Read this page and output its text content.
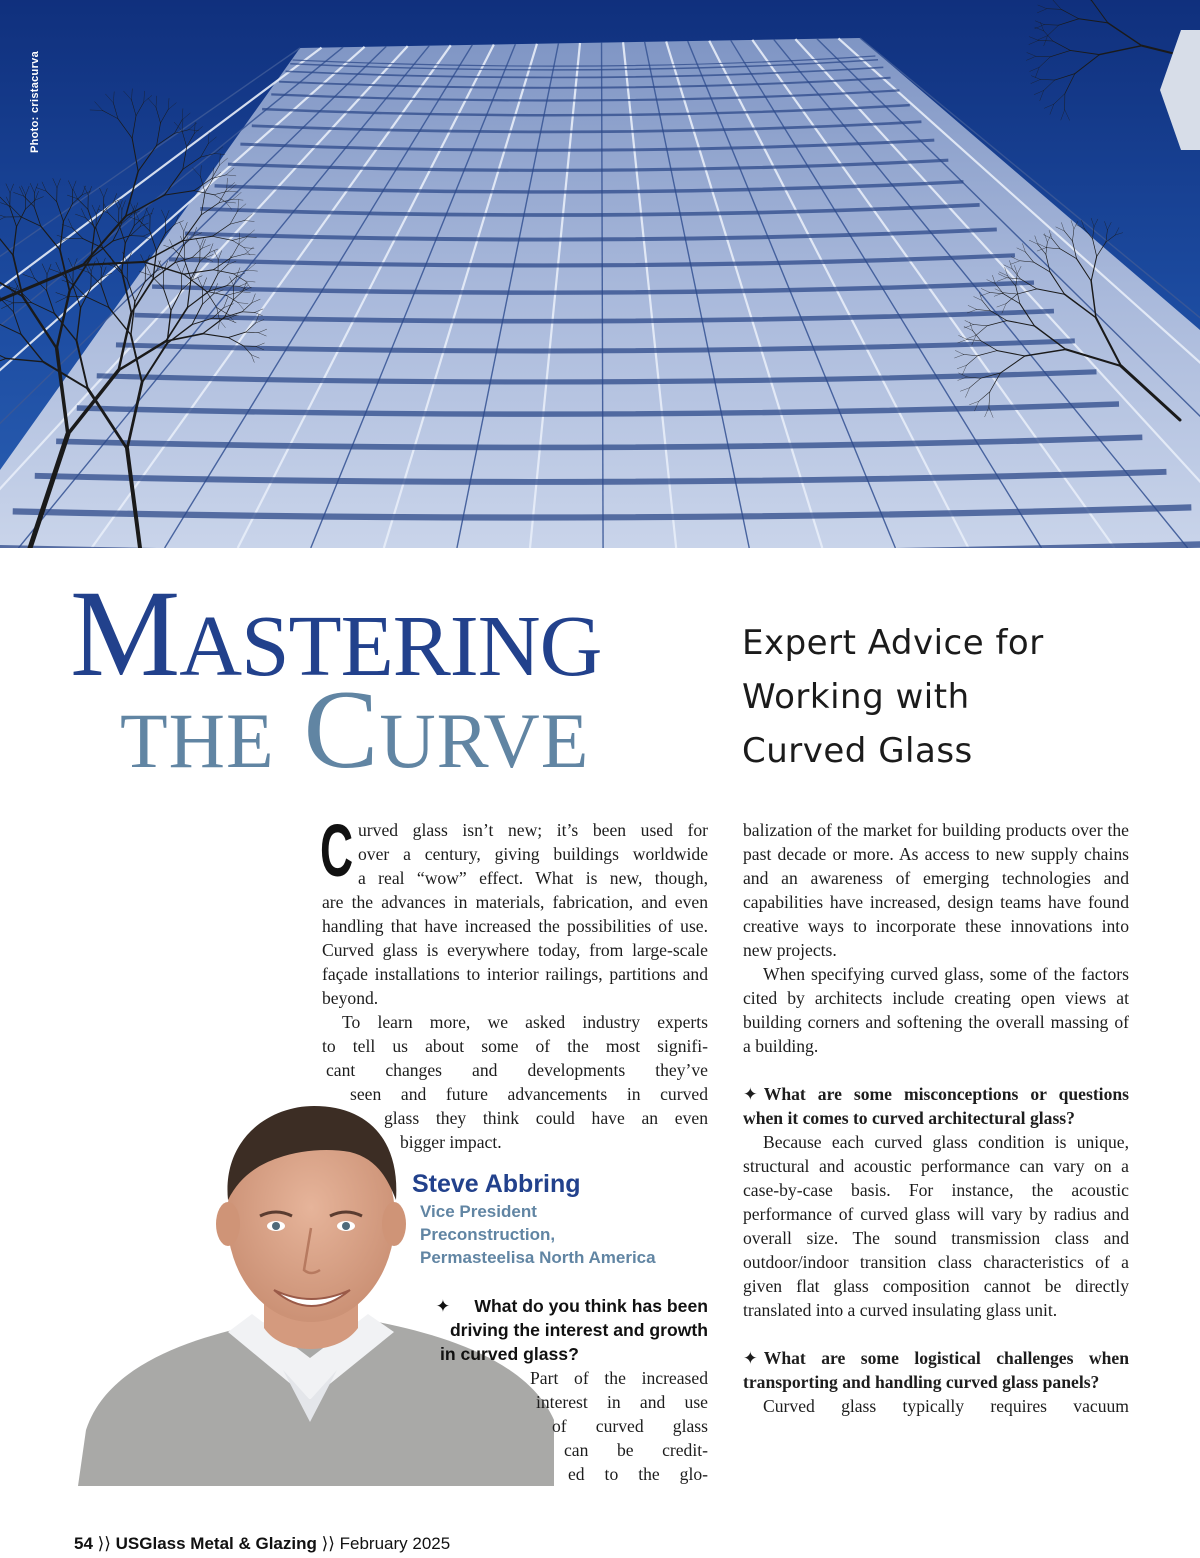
Photo: cristacurva
Mastering
the Curve
Expert Advice for
Working with
Curved Glass
C urved glass isn’t new; it’s been used for

over a century, giving buildings worldwide

a real “wow” effect. What is new, though,

are the advances in materials, fabrication, and even handling that have increased the possibilities of use. Curved glass is everywhere today, from large-scale façade installations to interior railings, partitions and beyond.

To learn more, we asked industry experts

to tell us about some of the most signifi-

cant changes and developments they’ve

seen and future advancements in curved

glass they think could have an even

bigger impact.

Steve Abbring
Vice President
Preconstruction,
Permasteelisa North America
✦ What do you think has been
driving the interest and growth
in curved glass?

Part of the increased

interest in and use

of curved glass

can be credit-

ed to the glo-

balization of the market for building products over the past decade or more. As access to new supply chains and an awareness of emerging technologies and capabilities have increased, design teams have found creative ways to incorporate these innovations into new projects.

When specifying curved glass, some of the factors cited by architects include creating open views at building corners and softening the overall massing of a building.

✦ What are some misconceptions or questions when it comes to curved architectural glass?

Because each curved glass condition is unique, structural and acoustic performance can vary on a case-by-case basis. For instance, the acoustic performance of curved glass will vary by radius and overall size. The sound transmission class and outdoor/indoor transition class characteristics of a given flat glass composition cannot be directly translated into a curved insulating glass unit.

✦ What are some logistical challenges when transporting and handling curved glass panels?

Curved glass typically requires vacuum

54 ⟩⟩ USGlass Metal & Glazing ⟩⟩ February 2025
